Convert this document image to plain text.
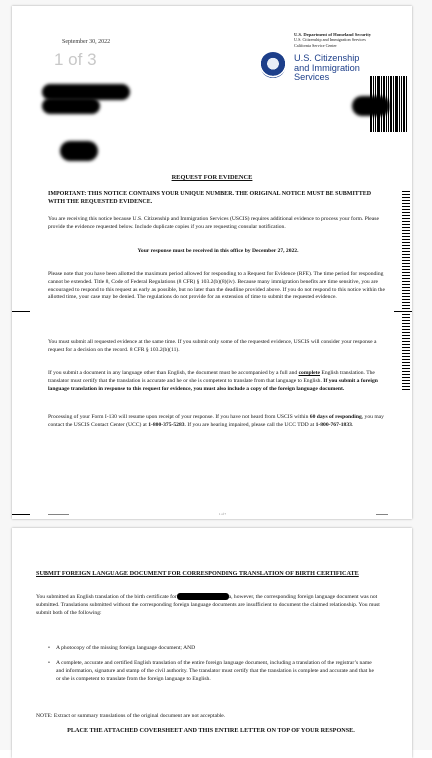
September 30, 2022
1 of 3
U.S. Department of Homeland Security
U.S. Citizenship and Immigration Services
California Service Center
U.S. Citizenship
and Immigration
Services
REQUEST FOR EVIDENCE
IMPORTANT: THIS NOTICE CONTAINS YOUR UNIQUE NUMBER. THE ORIGINAL NOTICE MUST BE SUBMITTED WITH THE REQUESTED EVIDENCE.
You are receiving this notice because U.S. Citizenship and Immigration Services (USCIS) requires additional evidence to process your form. Please provide the evidence requested below. Include duplicate copies if you are requesting consular notification.
Your response must be received in this office by December 27, 2022.
Please note that you have been allotted the maximum period allowed for responding to a Request for Evidence (RFE). The time period for responding cannot be extended. Title 8, Code of Federal Regulations (8 CFR) § 103.2(b)(8)(iv). Because many immigration benefits are time sensitive, you are encouraged to respond to this request as early as possible, but no later than the deadline provided above. If you do not respond to this notice within the allotted time, your case may be denied. The regulations do not provide for an extension of time to submit the requested evidence.
You must submit all requested evidence at the same time. If you submit only some of the requested evidence, USCIS will consider your response a request for a decision on the record. 8 CFR § 103.2(b)(11).
If you submit a document in any language other than English, the document must be accompanied by a full and complete English translation. The translator must certify that the translation is accurate and he or she is competent to translate from that language to English. If you submit a foreign language translation in response to this request for evidence, you must also include a copy of the foreign language document.
Processing of your Form I-130 will resume upon receipt of your response. If you have not heard from USCIS within 60 days of responding, you may contact the USCIS Contact Center (UCC) at 1-800-375-5283. If you are hearing impaired, please call the UCC TDD at 1-800-767-1833.
▬▬▬▬▬▬▬	1 of 7	▬▬▬▬
SUBMIT FOREIGN LANGUAGE DOCUMENT FOR CORRESPONDING TRANSLATION OF BIRTH CERTIFICATE
You submitted an English translation of the birth certificate for	a, however, the corresponding foreign language document was not submitted. Translations submitted without the corresponding foreign language documents are insufficient to document the claimed relationship. You must submit both of the following:
• A photocopy of the missing foreign language document; AND
• A complete, accurate and certified English translation of the entire foreign language document, including a translation of the registrar’s name and information, signature and stamp of the civil authority. The translator must certify that the translation is complete and accurate and that he or she is competent to translate from the foreign language to English.
NOTE: Extract or summary translations of the original document are not acceptable.
PLACE THE ATTACHED COVERSHEET AND THIS ENTIRE LETTER ON TOP OF YOUR RESPONSE.
